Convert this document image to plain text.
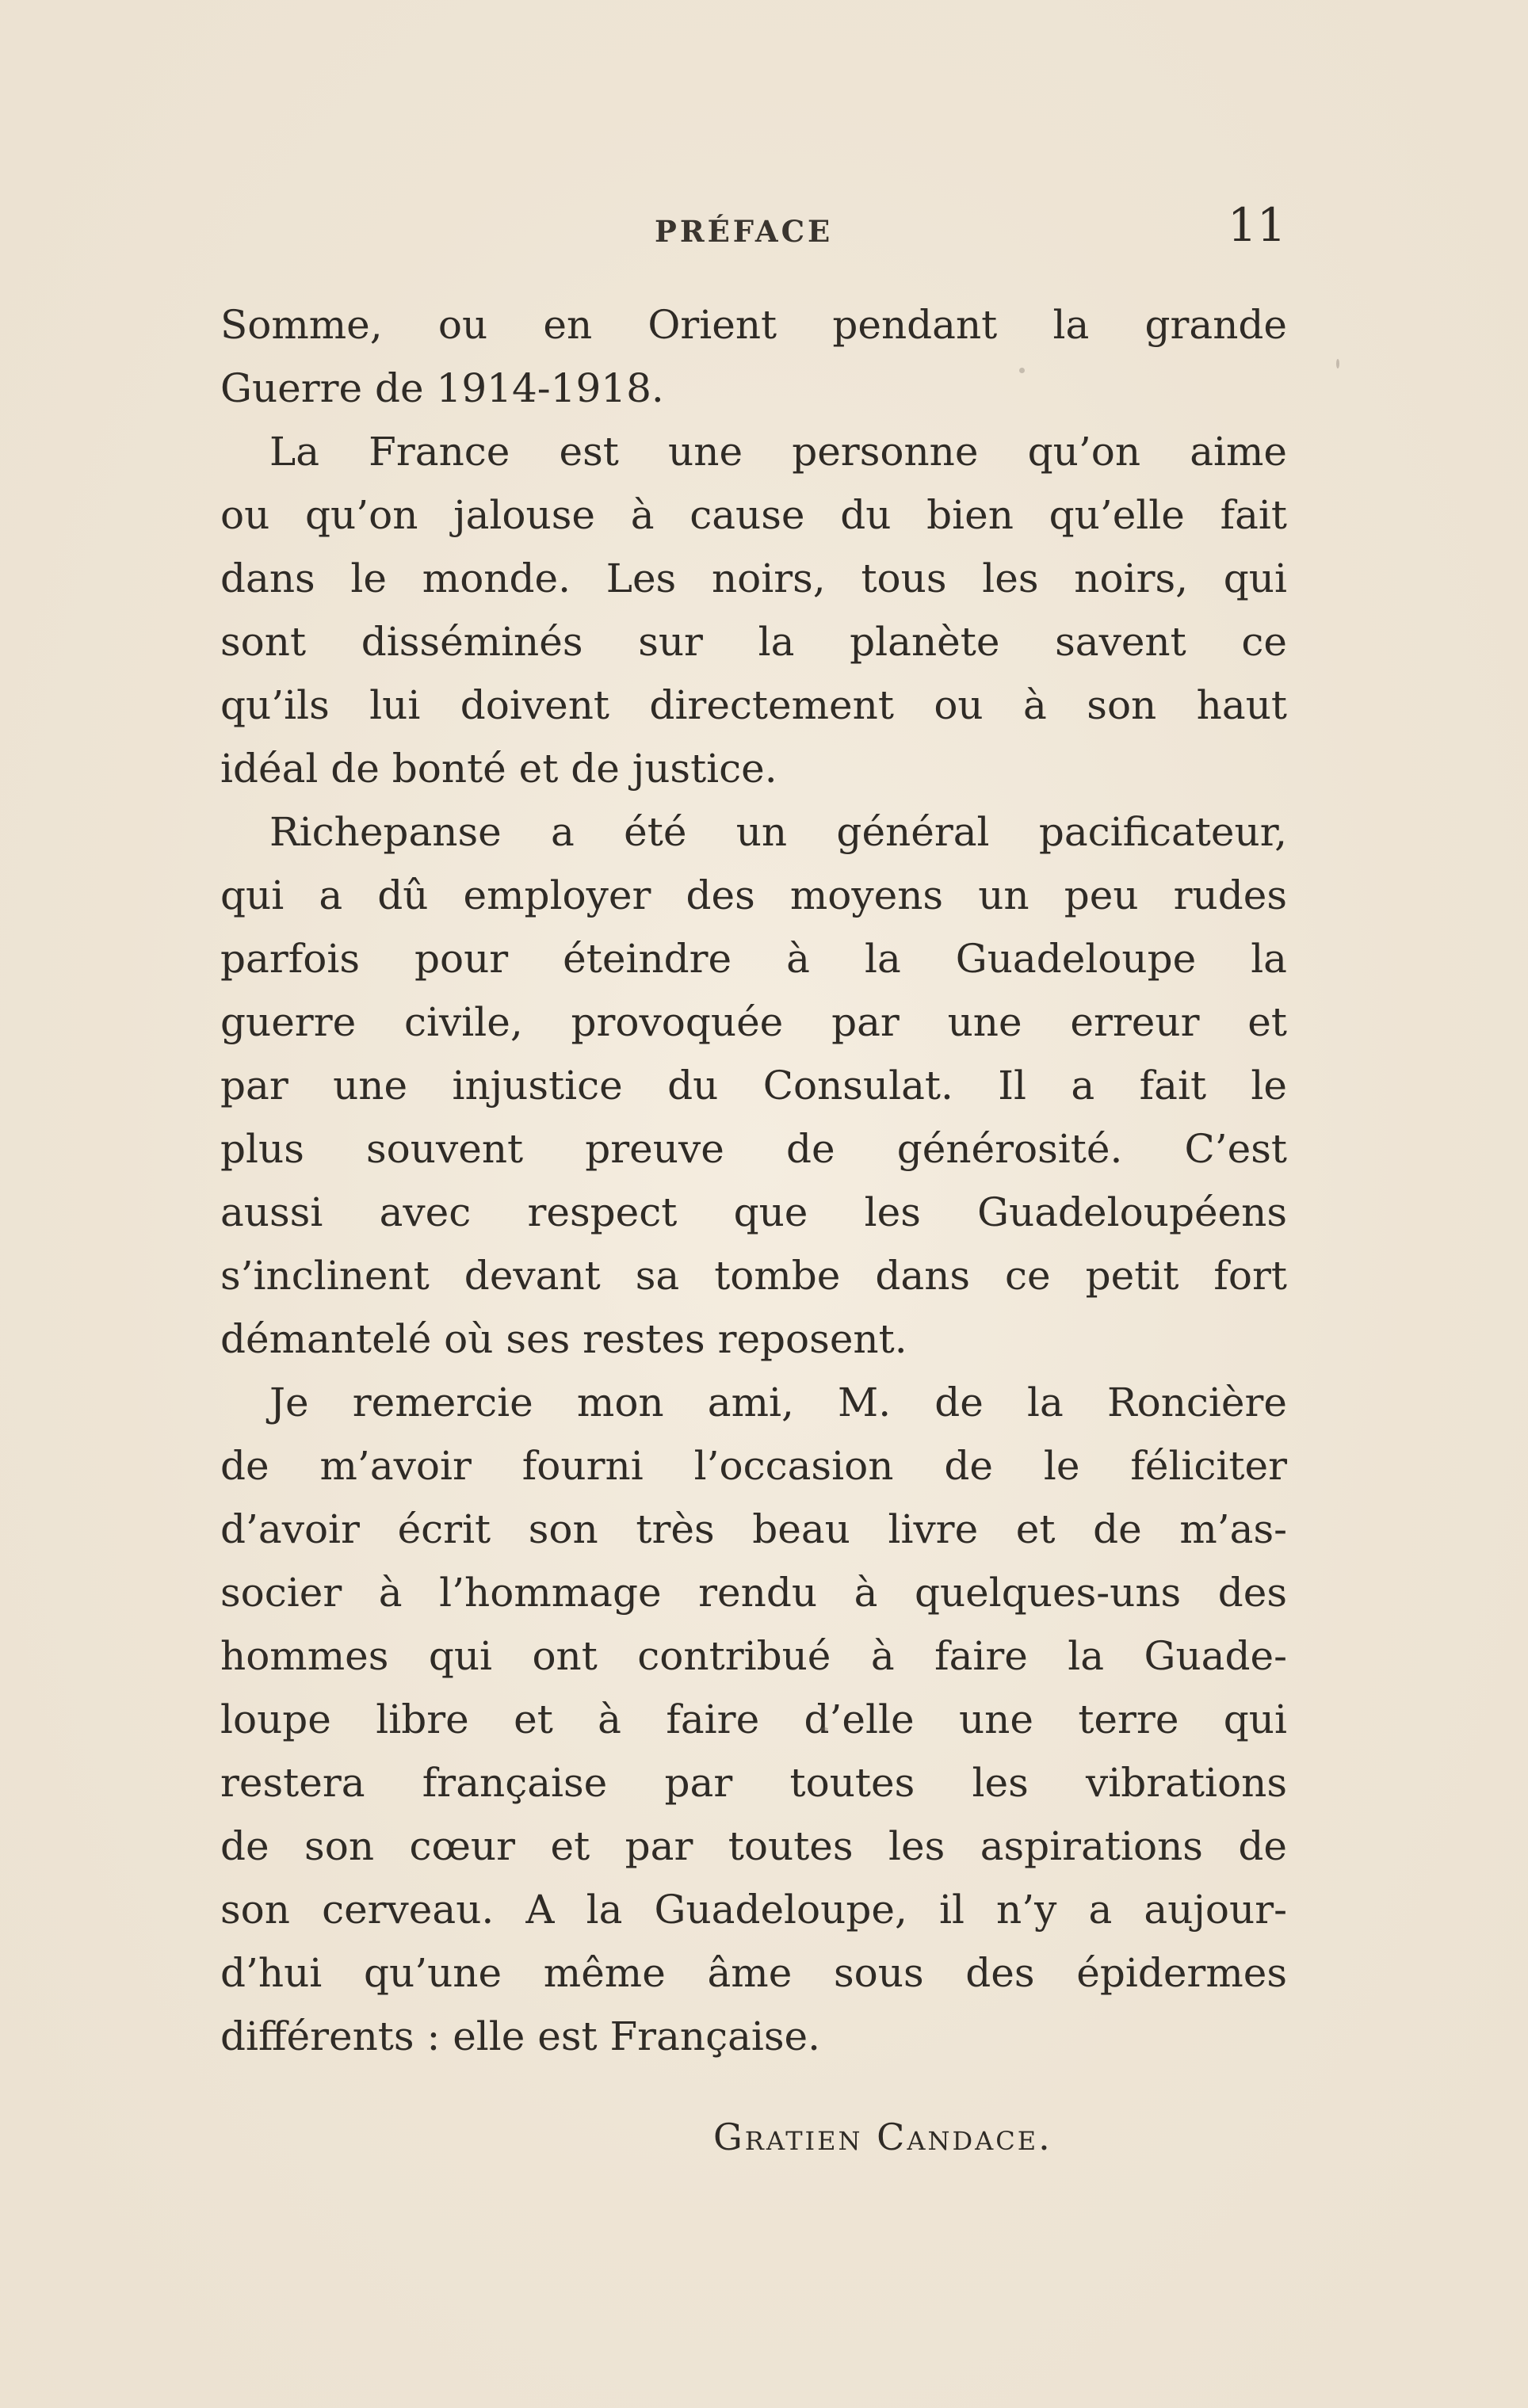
PRÉFACE	11
Somme, ou en Orient pendant la grande
Guerre de 1914-1918.
La France est une personne qu’on aime
ou qu’on jalouse à cause du bien qu’elle fait
dans le monde. Les noirs, tous les noirs, qui
sont disséminés sur la planète savent ce
qu’ils lui doivent directement ou à son haut
idéal de bonté et de justice.
Richepanse a été un général pacificateur,
qui a dû employer des moyens un peu rudes
parfois pour éteindre à la Guadeloupe la
guerre civile, provoquée par une erreur et
par une injustice du Consulat. Il a fait le
plus souvent preuve de générosité. C’est
aussi avec respect que les Guadeloupéens
s’inclinent devant sa tombe dans ce petit fort
démantelé où ses restes reposent.
Je remercie mon ami, M. de la Roncière
de m’avoir fourni l’occasion de le féliciter
d’avoir écrit son très beau livre et de m’as-
socier à l’hommage rendu à quelques-uns des
hommes qui ont contribué à faire la Guade-
loupe libre et à faire d’elle une terre qui
restera française par toutes les vibrations
de son cœur et par toutes les aspirations de
son cerveau. A la Guadeloupe, il n’y a aujour-
d’hui qu’une même âme sous des épidermes
différents : elle est Française.
Gratien Candace.
